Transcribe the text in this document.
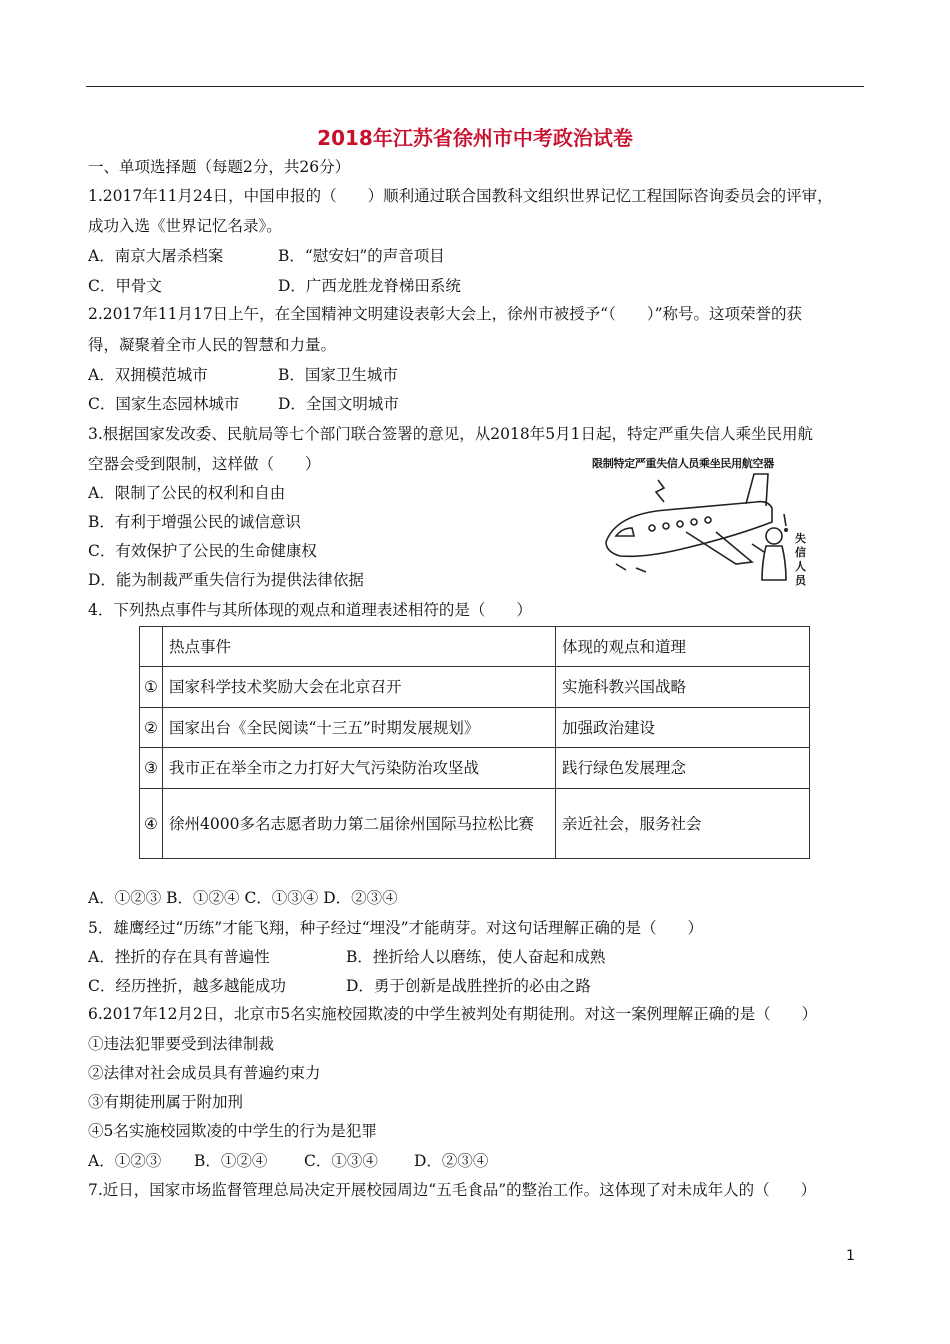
2018年江苏省徐州市中考政治试卷
一、单项选择题（每题2分，共26分）
1.2017年11月24日，中国申报的（　　）顺利通过联合国教科文组织世界记忆工程国际咨询委员会的评审，
成功入选《世界记忆名录》。
A．南京大屠杀档案	B．“慰安妇”的声音项目
C．甲骨文	D．广西龙胜龙脊梯田系统
2.2017年11月17日上午，在全国精神文明建设表彰大会上，徐州市被授予“（　　）”称号。这项荣誉的获
得，凝聚着全市人民的智慧和力量。
A．双拥模范城市	B．国家卫生城市
C．国家生态园林城市 D．全国文明城市
3.根据国家发改委、民航局等七个部门联合签署的意见，从2018年5月1日起，特定严重失信人乘坐民用航
空器会受到限制，这样做（　　）
A．限制了公民的权利和自由
B．有利于增强公民的诚信意识
C．有效保护了公民的生命健康权
D．能为制裁严重失信行为提供法律依据
限制特定严重失信人员乘坐民用航空器
失信人员
4．下列热点事件与其所体现的观点和道理表述相符的是（　　）
	热点事件	体现的观点和道理
①	国家科学技术奖励大会在北京召开	实施科教兴国战略
②	国家出台《全民阅读“十三五”时期发展规划》	加强政治建设
③	我市正在举全市之力打好大气污染防治攻坚战	践行绿色发展理念
④	徐州4000多名志愿者助力第二届徐州国际马拉松比赛	亲近社会，服务社会
A．①②③ B．①②④ C．①③④ D．②③④
5．雄鹰经过“历练”才能飞翔，种子经过“埋没”才能萌芽。对这句话理解正确的是（　　）
A．挫折的存在具有普遍性	B．挫折给人以磨练，使人奋起和成熟
C．经历挫折，越多越能成功	D．勇于创新是战胜挫折的必由之路
6.2017年12月2日，北京市5名实施校园欺凌的中学生被判处有期徒刑。对这一案例理解正确的是（　　）
①违法犯罪要受到法律制裁
②法律对社会成员具有普遍约束力
③有期徒刑属于附加刑
④5名实施校园欺凌的中学生的行为是犯罪
A．①②③ B．①②④ C．①③④ D．②③④
7.近日，国家市场监督管理总局决定开展校园周边“五毛食品”的整治工作。这体现了对未成年人的（　　）
1
